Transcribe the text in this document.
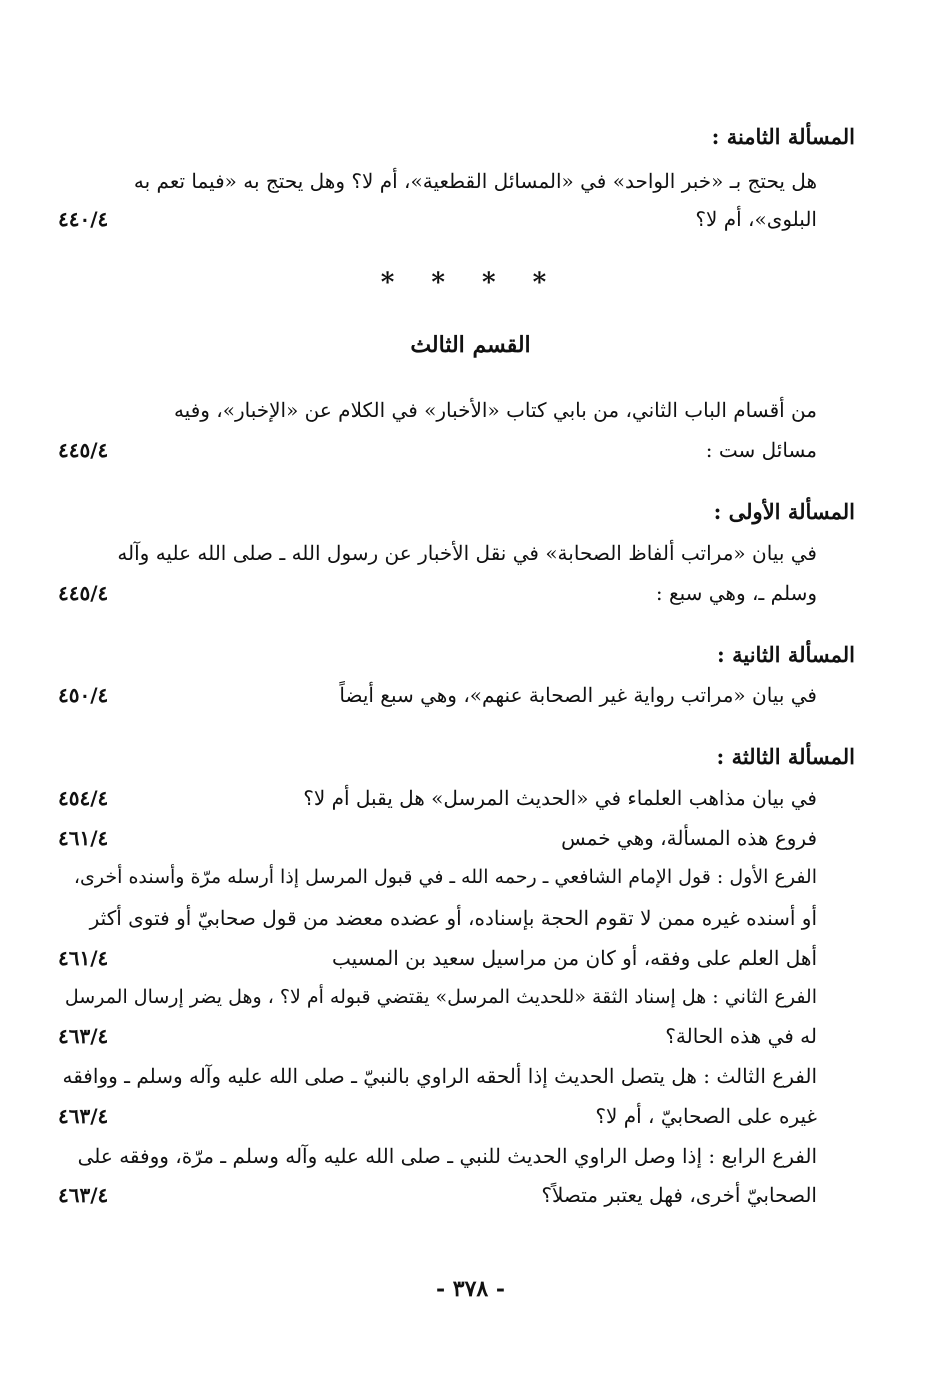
المسألة الثامنة :
هل يحتج بـ «خبر الواحد» في «المسائل القطعية»، أم لا؟ وهل يحتج به «فيما تعم به
البلوى»، أم لا؟
٤٤٠/٤
* * * *
القسم الثالث
من أقسام الباب الثاني، من بابي كتاب «الأخبار» في الكلام عن «الإخبار»، وفيه
مسائل ست :
٤٤٥/٤
المسألة الأولى :
في بيان «مراتب ألفاظ الصحابة» في نقل الأخبار عن رسول الله ـ صلى الله عليه وآله
وسلم ـ، وهي سبع :
٤٤٥/٤
المسألة الثانية :
في بيان «مراتب رواية غير الصحابة عنهم»، وهي سبع أيضاً
٤٥٠/٤
المسألة الثالثة :
في بيان مذاهب العلماء في «الحديث المرسل» هل يقبل أم لا؟
٤٥٤/٤
فروع هذه المسألة، وهي خمس
٤٦١/٤
الفرع الأول : قول الإمام الشافعي ـ رحمه الله ـ في قبول المرسل إذا أرسله مرّة وأسنده أخرى،
أو أسنده غيره ممن لا تقوم الحجة بإسناده، أو عضده معضد من قول صحابيّ أو فتوى أكثر
أهل العلم على وفقه، أو كان من مراسيل سعيد بن المسيب
٤٦١/٤
الفرع الثاني : هل إسناد الثقة «للحديث المرسل» يقتضي قبوله أم لا؟ ، وهل يضر إرسال المرسل
له في هذه الحالة؟
٤٦٣/٤
الفرع الثالث : هل يتصل الحديث إذا ألحقه الراوي بالنبيّ ـ صلى الله عليه وآله وسلم ـ ووافقه
غيره على الصحابيّ ، أم لا؟
٤٦٣/٤
الفرع الرابع : إذا وصل الراوي الحديث للنبي ـ صلى الله عليه وآله وسلم ـ مرّة، ووفقه على
الصحابيّ أخرى، فهل يعتبر متصلاً؟
٤٦٣/٤
- ٣٧٨ -
